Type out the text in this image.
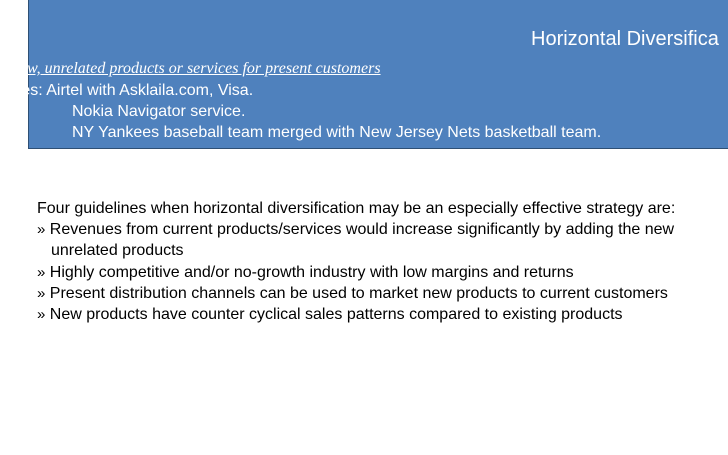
Horizontal Diversifica
g new, unrelated products or services for present customers
nples: Airtel with Asklaila.com, Visa.
Nokia Navigator service.
NY Yankees baseball team merged with New Jersey Nets basketball team.
Four guidelines when horizontal diversification may be an especially effective strategy are:
» Revenues from current products/services would increase significantly by adding the new
unrelated products
» Highly competitive and/or no-growth industry with low margins and returns
» Present distribution channels can be used to market new products to current customers
» New products have counter cyclical sales patterns compared to existing products
